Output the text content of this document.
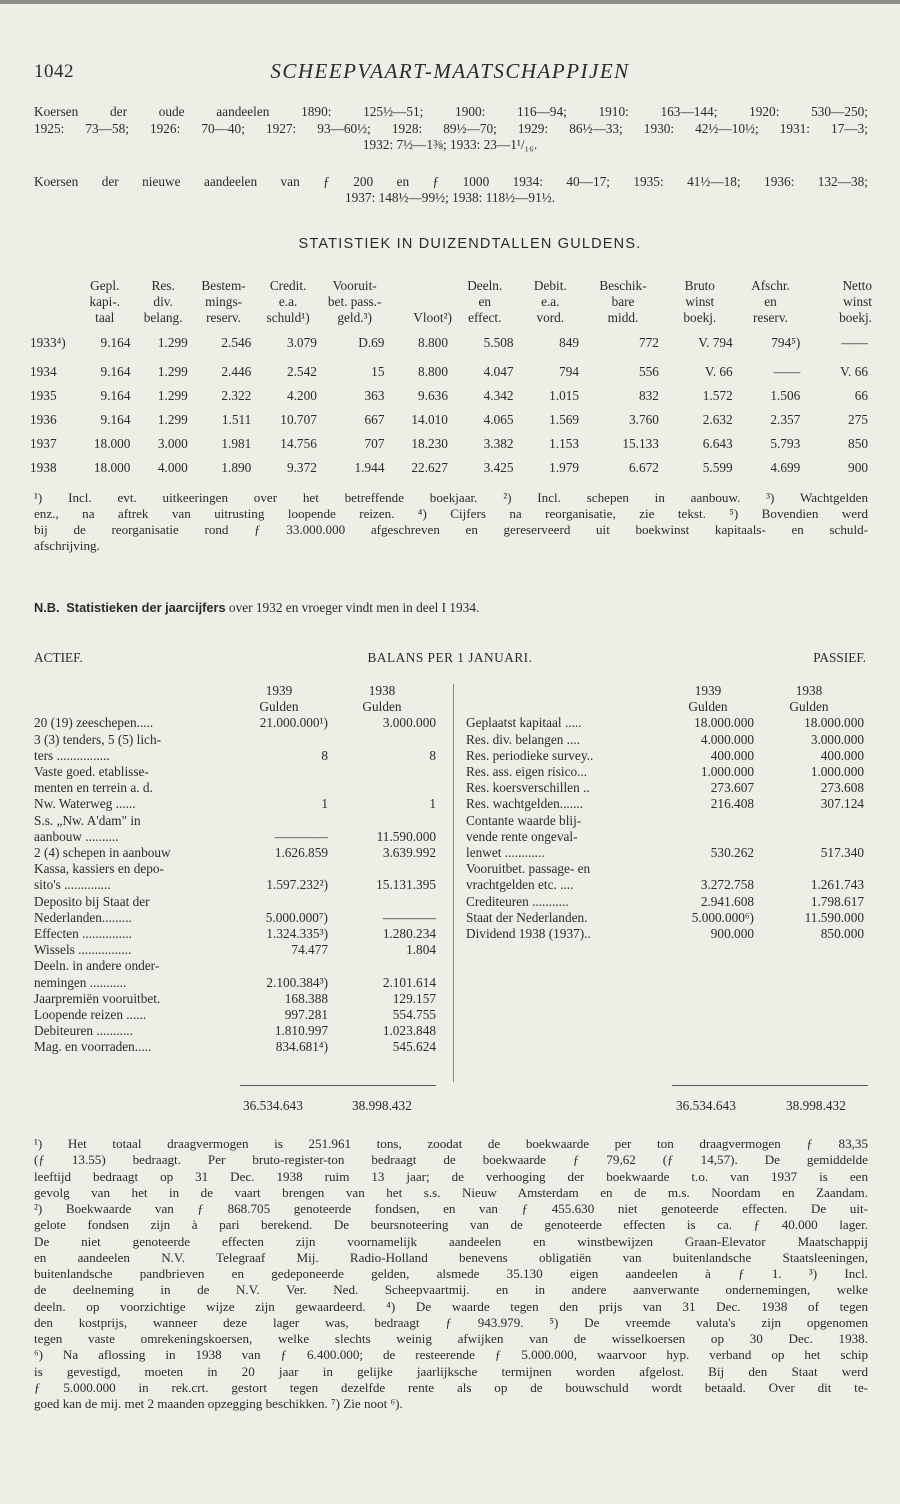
1042	SCHEEPVAART-MAATSCHAPPIJEN
Koersen der oude aandeelen 1890: 125½—51; 1900: 116—94; 1910: 163—144; 1920: 530—250;
1925: 73—58; 1926: 70—40; 1927: 93—60½; 1928: 89½—70; 1929: 86½—33; 1930: 42½—10½; 1931: 17—3;
1932: 7½—1⅜; 1933: 23—1¹/₁₆.
Koersen der nieuwe aandeelen van ƒ 200 en ƒ 1000 1934: 40—17; 1935: 41½—18; 1936: 132—38;
1937: 148½—99½; 1938: 118½—91½.
STATISTIEK IN DUIZENDTALLEN GULDENS.
	Gepl.	Res.	Bestem-	Credit.	Vooruit-		Deeln.	Debit.	Beschik-	Bruto	Afschr.	Netto
	kapi-.	div.	mings-	e.a.	bet. pass.-		en	e.a.	bare	winst	en	winst
	taal	belang.	reserv.	schuld¹)	geld.³)	Vloot²)	effect.	vord.	midd.	boekj.	reserv.	boekj.
1933⁴)	9.164	1.299	2.546	3.079	D.69	8.800	5.508	849	772	V. 794	794⁵)	——
1934	9.164	1.299	2.446	2.542	15	8.800	4.047	794	556	V. 66	——	V. 66
1935	9.164	1.299	2.322	4.200	363	9.636	4.342	1.015	832	1.572	1.506	66
1936	9.164	1.299	1.511	10.707	667	14.010	4.065	1.569	3.760	2.632	2.357	275
1937	18.000	3.000	1.981	14.756	707	18.230	3.382	1.153	15.133	6.643	5.793	850
1938	18.000	4.000	1.890	9.372	1.944	22.627	3.425	1.979	6.672	5.599	4.699	900
¹) Incl. evt. uitkeeringen over het betreffende boekjaar. ²) Incl. schepen in aanbouw. ³) Wachtgelden
enz., na aftrek van uitrusting loopende reizen. ⁴) Cijfers na reorganisatie, zie tekst. ⁵) Bovendien werd
bij de reorganisatie rond ƒ 33.000.000 afgeschreven en gereserveerd uit boekwinst kapitaals- en schuld-
afschrijving.
N.B. Statistieken der jaarcijfers over 1932 en vroeger vindt men in deel I 1934.
ACTIEF.	BALANS PER 1 JANUARI.	PASSIEF.
	1939	1938
	Gulden	Gulden
20 (19) zeeschepen.....	21.000.000¹)	3.000.000
3 (3) tenders, 5 (5) lich-		
ters ................	8	8
Vaste goed. etablisse-		
menten en terrein a. d.		
Nw. Waterweg ......	1	1
S.s. „Nw. A'dam" in		
aanbouw ..........	————	11.590.000
2 (4) schepen in aanbouw	1.626.859	3.639.992
Kassa, kassiers en depo-		
sito's ..............	1.597.232²)	15.131.395
Deposito bij Staat der		
Nederlanden.........	5.000.000⁷)	————
Effecten ...............	1.324.335³)	1.280.234
Wissels ................	74.477	1.804
Deeln. in andere onder-		
nemingen ...........	2.100.384³)	2.101.614
Jaarpremiën vooruitbet.	168.388	129.157
Loopende reizen ......	997.281	554.755
Debiteuren ...........	1.810.997	1.023.848
Mag. en voorraden.....	834.681⁴)	545.624
	1939	1938
	Gulden	Gulden
Geplaatst kapitaal .....	18.000.000	18.000.000
Res. div. belangen ....	4.000.000	3.000.000
Res. periodieke survey..	400.000	400.000
Res. ass. eigen risico...	1.000.000	1.000.000
Res. koersverschillen ..	273.607	273.608
Res. wachtgelden.......	216.408	307.124
Contante waarde blij-		
vende rente ongeval-		
lenwet ............	530.262	517.340
Vooruitbet. passage- en		
vrachtgelden etc. ....	3.272.758	1.261.743
Crediteuren ...........	2.941.608	1.798.617
Staat der Nederlanden.	5.000.000⁶)	11.590.000
Dividend 1938 (1937)..	900.000	850.000
36.534.643	38.998.432	36.534.643	38.998.432
¹) Het totaal draagvermogen is 251.961 tons, zoodat de boekwaarde per ton draagvermogen ƒ 83,35
(ƒ 13.55) bedraagt. Per bruto-register-ton bedraagt de boekwaarde ƒ 79,62 (ƒ 14,57). De gemiddelde
leeftijd bedraagt op 31 Dec. 1938 ruim 13 jaar; de verhooging der boekwaarde t.o. van 1937 is een
gevolg van het in de vaart brengen van het s.s. Nieuw Amsterdam en de m.s. Noordam en Zaandam.
²) Boekwaarde van ƒ 868.705 genoteerde fondsen, en van ƒ 455.630 niet genoteerde effecten. De uit-
gelote fondsen zijn à pari berekend. De beursnoteering van de genoteerde effecten is ca. ƒ 40.000 lager.
De niet genoteerde effecten zijn voornamelijk aandeelen en winstbewijzen Graan-Elevator Maatschappij
en aandeelen N.V. Telegraaf Mij. Radio-Holland benevens obligatiën van buitenlandsche Staatsleeningen,
buitenlandsche pandbrieven en gedeponeerde gelden, alsmede 35.130 eigen aandeelen à ƒ 1. ³) Incl.
de deelneming in de N.V. Ver. Ned. Scheepvaartmij. en in andere aanverwante ondernemingen, welke
deeln. op voorzichtige wijze zijn gewaardeerd. ⁴) De waarde tegen den prijs van 31 Dec. 1938 of tegen
den kostprijs, wanneer deze lager was, bedraagt ƒ 943.979. ⁵) De vreemde valuta's zijn opgenomen
tegen vaste omrekeningskoersen, welke slechts weinig afwijken van de wisselkoersen op 30 Dec. 1938.
⁶) Na aflossing in 1938 van ƒ 6.400.000; de resteerende ƒ 5.000.000, waarvoor hyp. verband op het schip
is gevestigd, moeten in 20 jaar in gelijke jaarlijksche termijnen worden afgelost. Bij den Staat werd
ƒ 5.000.000 in rek.crt. gestort tegen dezelfde rente als op de bouwschuld wordt betaald. Over dit te-
goed kan de mij. met 2 maanden opzegging beschikken. ⁷) Zie noot ⁶).
